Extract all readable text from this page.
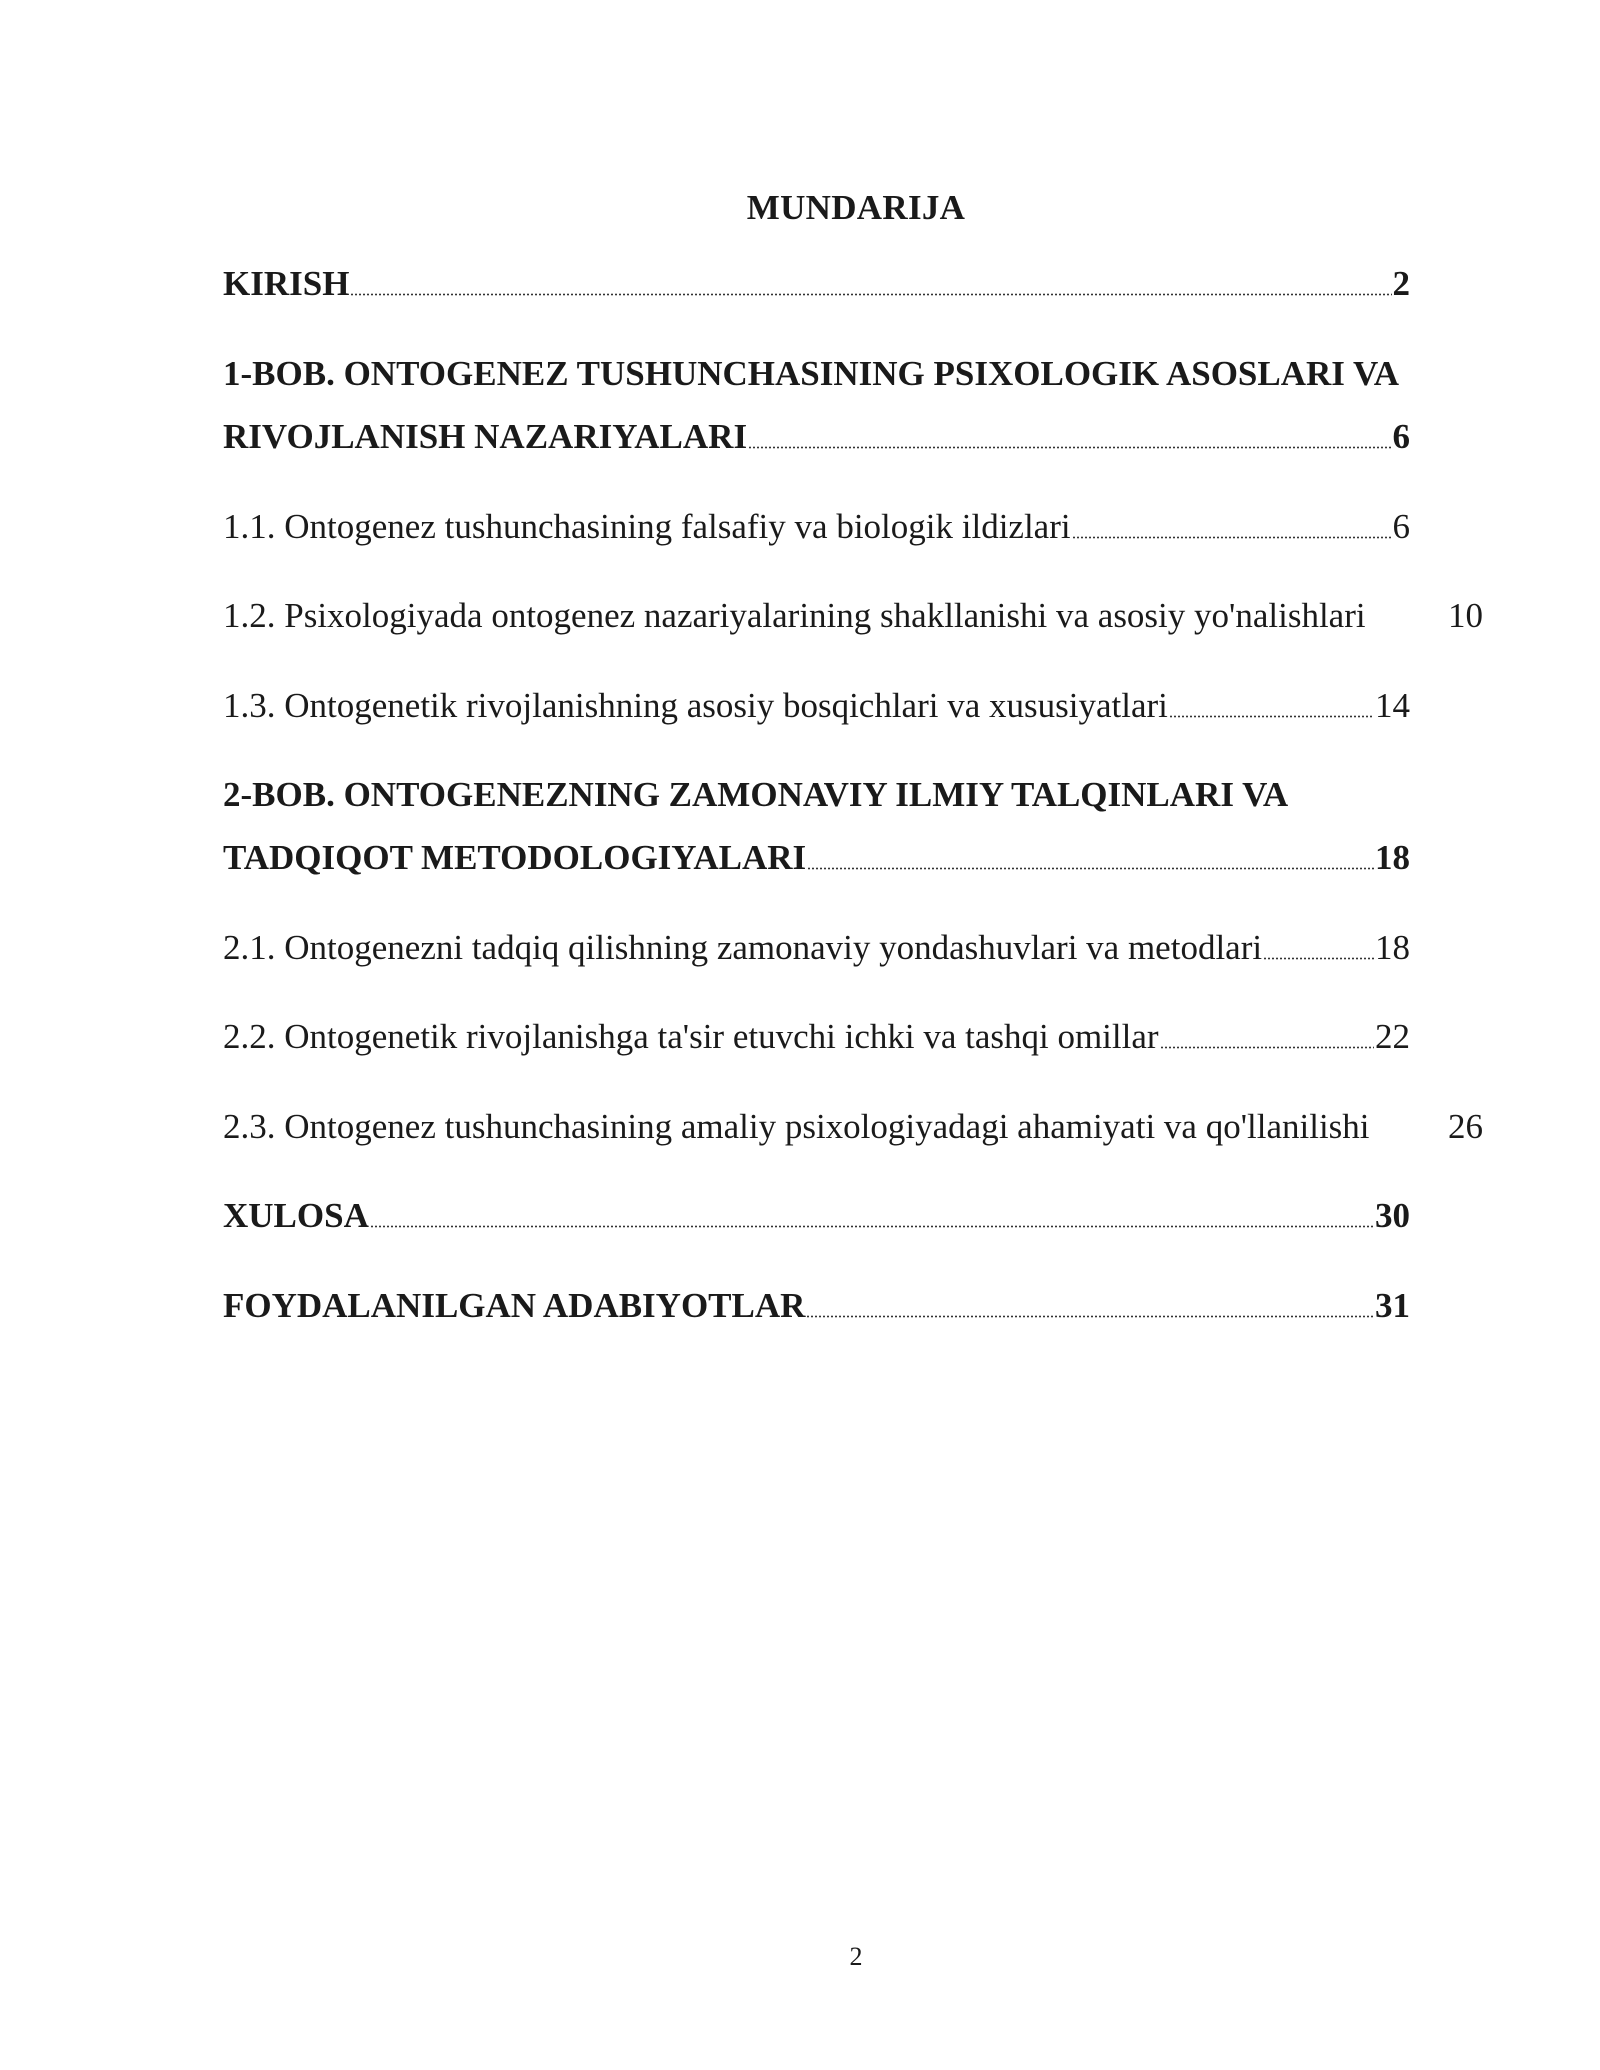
MUNDARIJA
KIRISH	2
1-BOB. ONTOGENEZ TUSHUNCHASINING PSIXOLOGIK ASOSLARI VA
RIVOJLANISH NAZARIYALARI	6
1.1. Ontogenez tushunchasining falsafiy va biologik ildizlari	6
1.2. Psixologiyada ontogenez nazariyalarining shakllanishi va asosiy yo'nalishlari 10
1.3. Ontogenetik rivojlanishning asosiy bosqichlari va xususiyatlari	14
2-BOB. ONTOGENEZNING ZAMONAVIY ILMIY TALQINLARI VA
TADQIQOT METODOLOGIYALARI	18
2.1. Ontogenezni tadqiq qilishning zamonaviy yondashuvlari va metodlari	18
2.2. Ontogenetik rivojlanishga ta'sir etuvchi ichki va tashqi omillar	22
2.3. Ontogenez tushunchasining amaliy psixologiyadagi ahamiyati va qo'llanilishi 26
XULOSA	30
FOYDALANILGAN ADABIYOTLAR	31

2
